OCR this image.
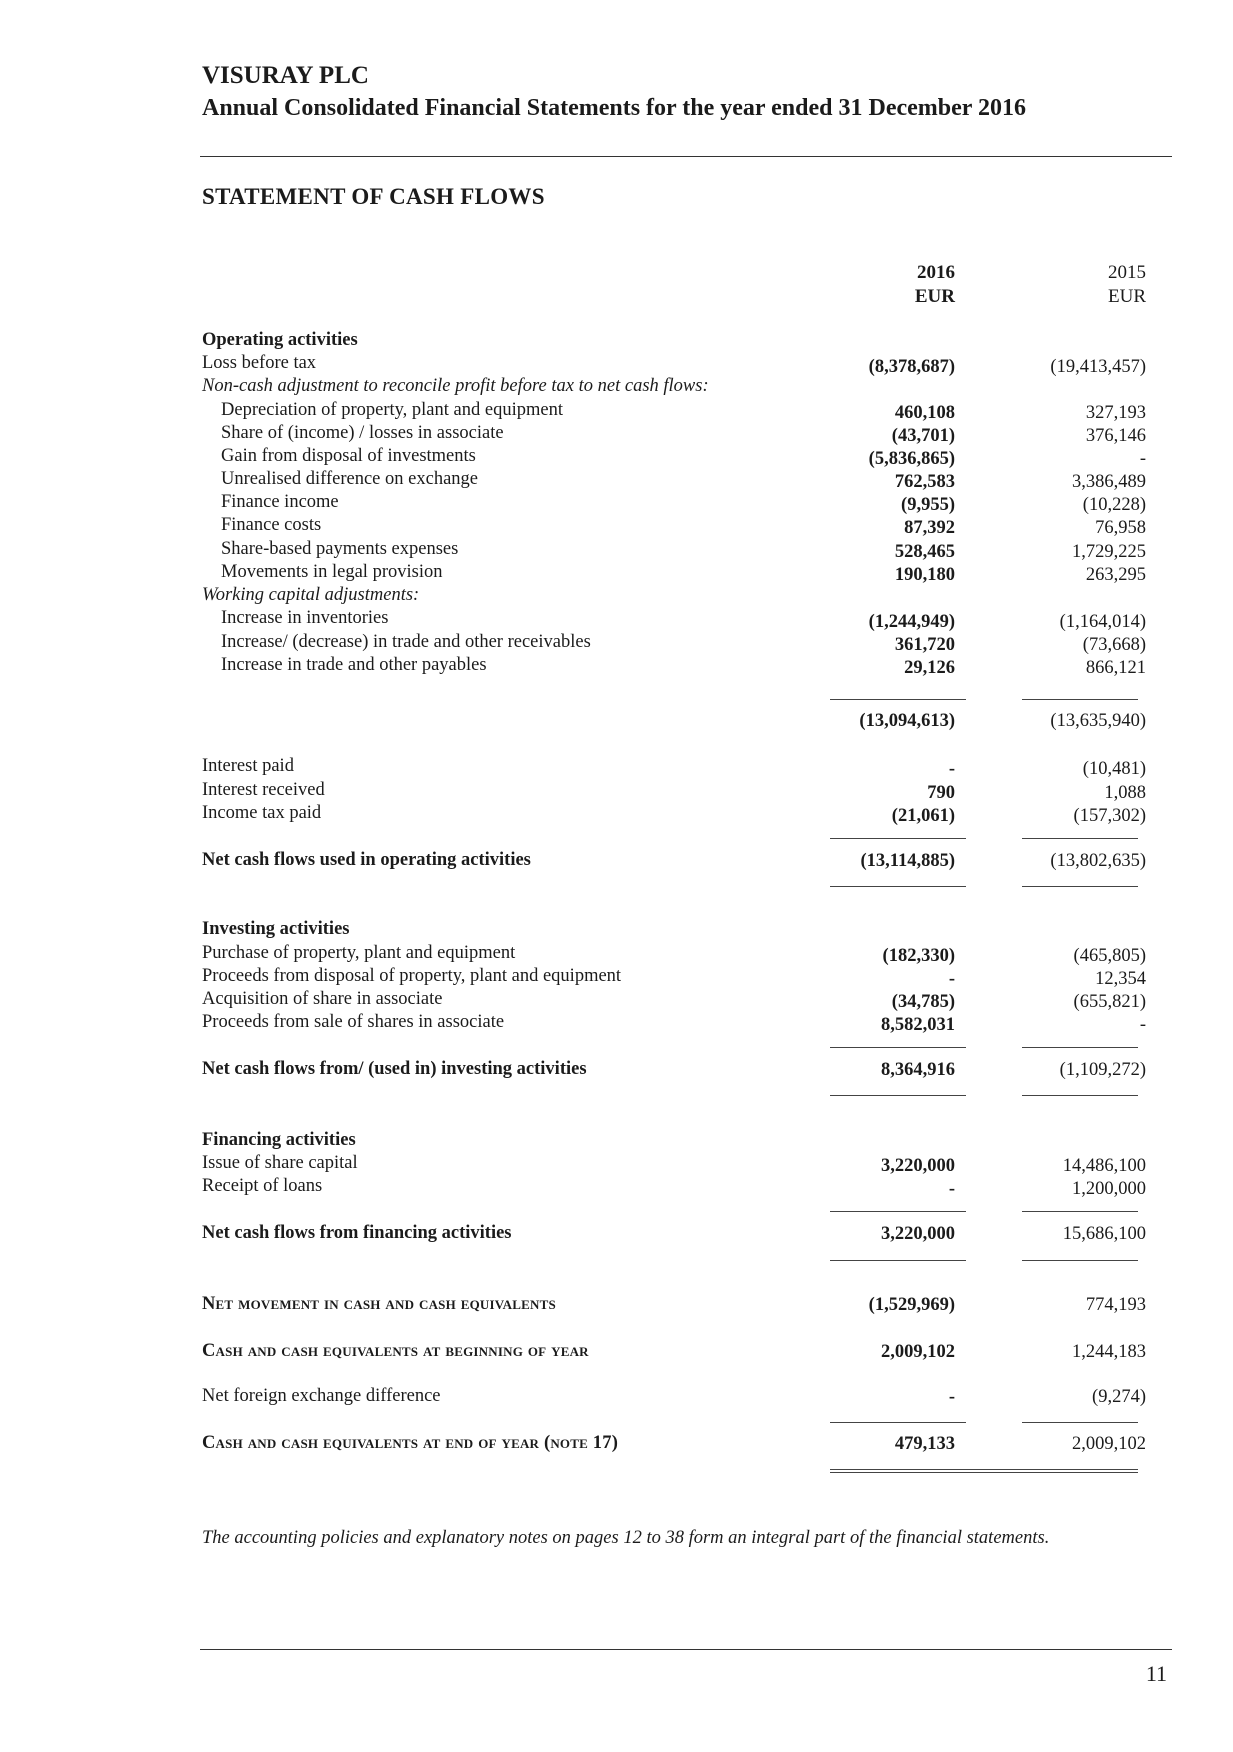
VISURAY PLC
Annual Consolidated Financial Statements for the year ended 31 December 2016
STATEMENT OF CASH FLOWS
2016
EUR
2015
EUR
Operating activities
Loss before tax	(8,378,687)	(19,413,457)
Non-cash adjustment to reconcile profit before tax to net cash flows:
Depreciation of property, plant and equipment	460,108	327,193
Share of (income) / losses in associate	(43,701)	376,146
Gain from disposal of investments	(5,836,865)	-
Unrealised difference on exchange	762,583	3,386,489
Finance income	(9,955)	(10,228)
Finance costs	87,392	76,958
Share-based payments expenses	528,465	1,729,225
Movements in legal provision	190,180	263,295
Working capital adjustments:
Increase in inventories	(1,244,949)	(1,164,014)
Increase/ (decrease) in trade and other receivables	361,720	(73,668)
Increase in trade and other payables	29,126	866,121
(13,094,613)	(13,635,940)
Interest paid	-	(10,481)
Interest received	790	1,088
Income tax paid	(21,061)	(157,302)
Net cash flows used in operating activities	(13,114,885)	(13,802,635)
Investing activities
Purchase of property, plant and equipment	(182,330)	(465,805)
Proceeds from disposal of property, plant and equipment	-	12,354
Acquisition of share in associate	(34,785)	(655,821)
Proceeds from sale of shares in associate	8,582,031	-
Net cash flows from/ (used in) investing activities	8,364,916	(1,109,272)
Financing activities
Issue of share capital	3,220,000	14,486,100
Receipt of loans	-	1,200,000
Net cash flows from financing activities	3,220,000	15,686,100
Net movement in cash and cash equivalents	(1,529,969)	774,193
Cash and cash equivalents at beginning of year	2,009,102	1,244,183
Net foreign exchange difference	-	(9,274)
Cash and cash equivalents at end of year (note 17)	479,133	2,009,102
The accounting policies and explanatory notes on pages 12 to 38 form an integral part of the financial statements.
11
